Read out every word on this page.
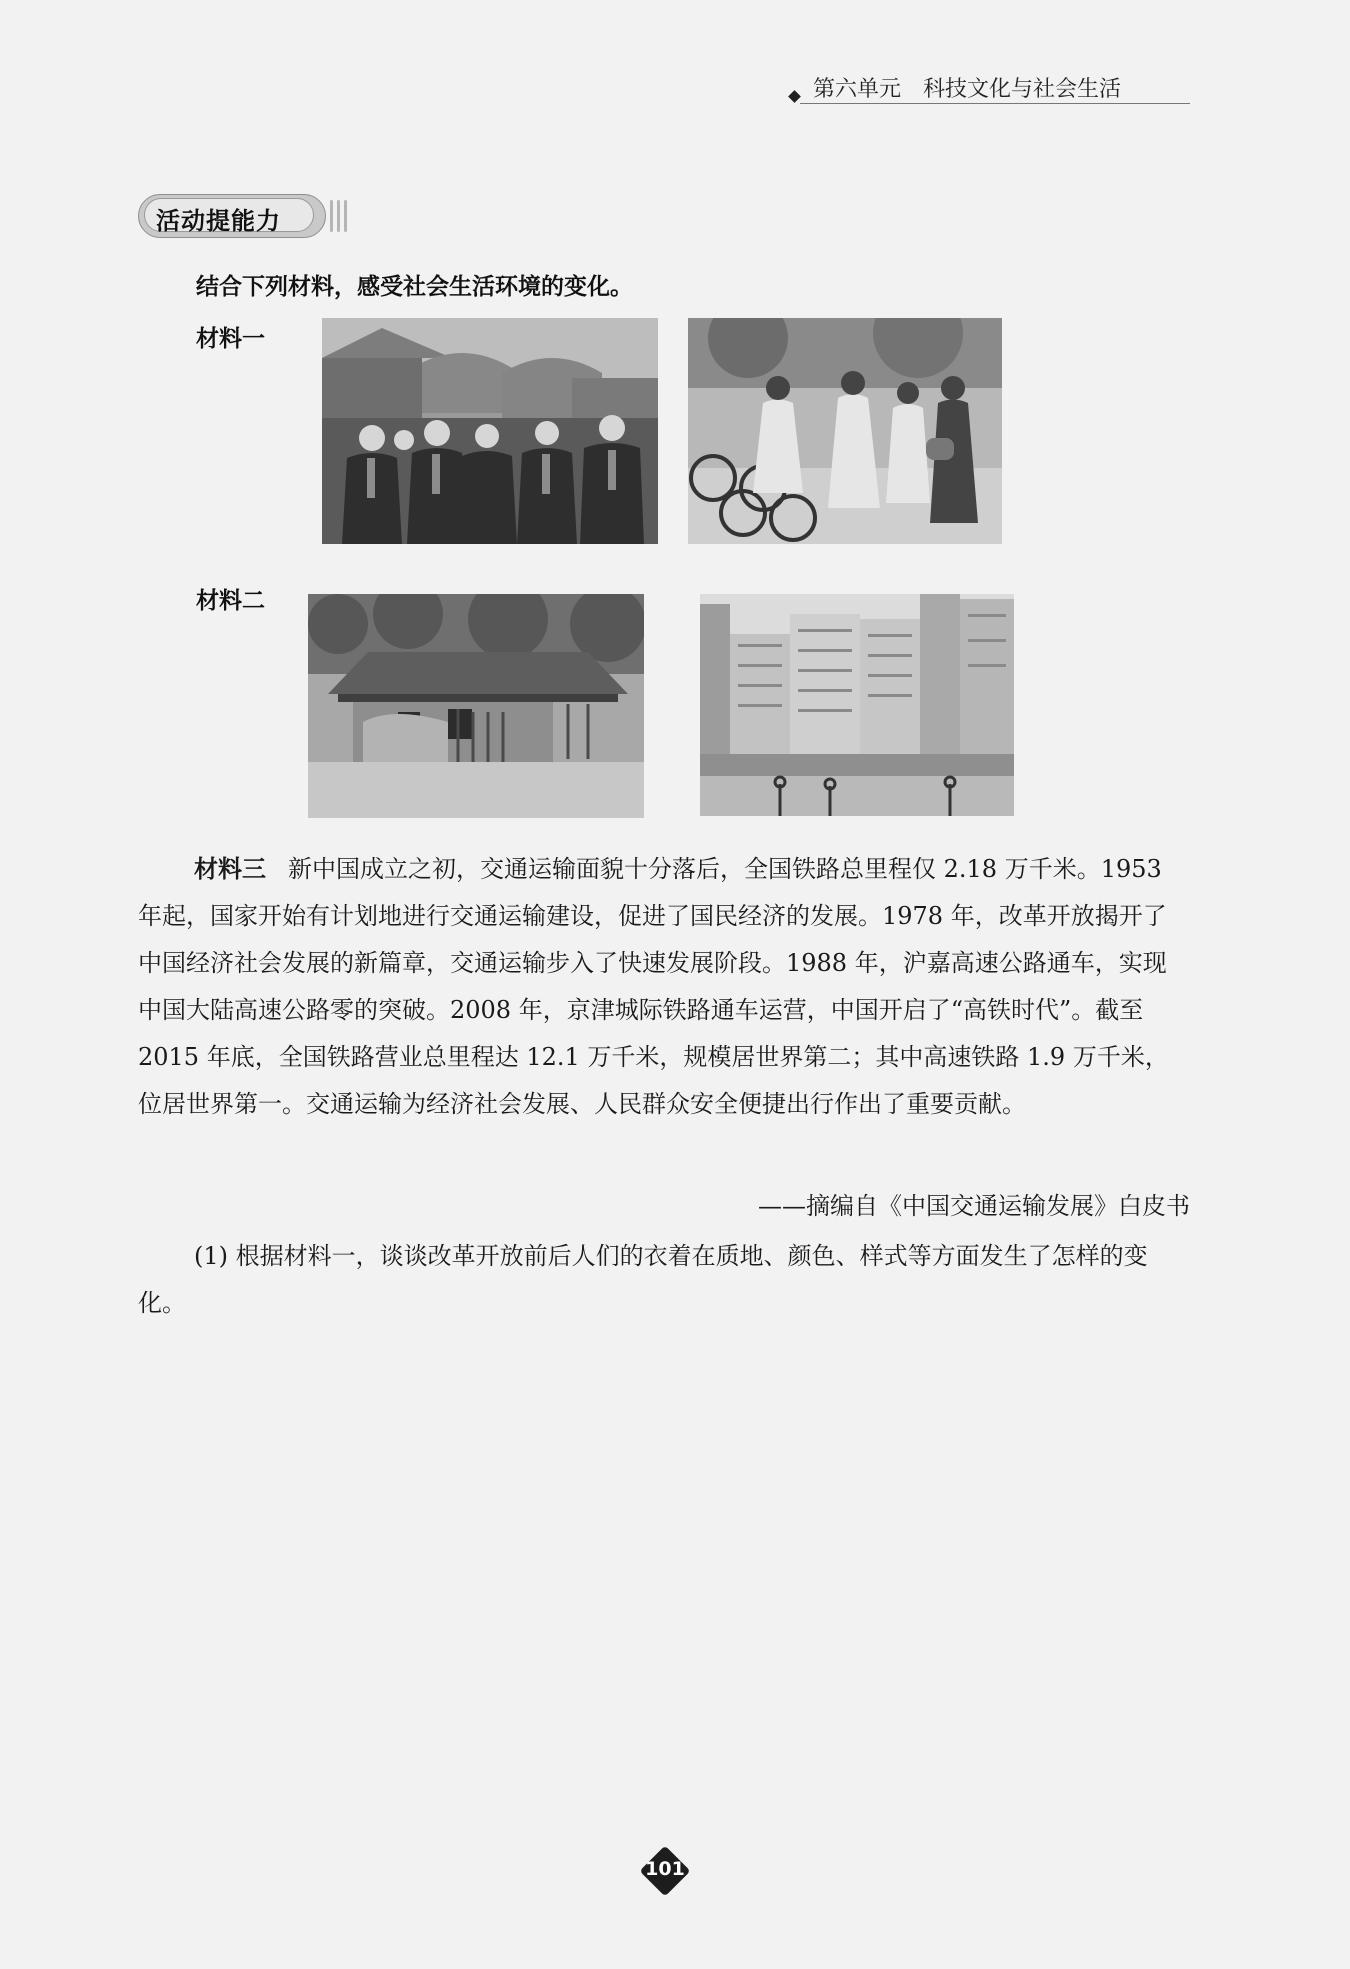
第六单元 科技文化与社会生活
活动提能力
结合下列材料，感受社会生活环境的变化。
材料一
材料二

材料三 新中国成立之初，交通运输面貌十分落后，全国铁路总里程仅 2.18 万千米。1953 年起，国家开始有计划地进行交通运输建设，促进了国民经济的发展。1978 年，改革开放揭开了中国经济社会发展的新篇章，交通运输步入了快速发展阶段。1988 年，沪嘉高速公路通车，实现中国大陆高速公路零的突破。2008 年，京津城际铁路通车运营，中国开启了“高铁时代”。截至 2015 年底，全国铁路营业总里程达 12.1 万千米，规模居世界第二；其中高速铁路 1.9 万千米，位居世界第一。交通运输为经济社会发展、人民群众安全便捷出行作出了重要贡献。

——摘编自《中国交通运输发展》白皮书

(1) 根据材料一，谈谈改革开放前后人们的衣着在质地、颜色、样式等方面发生了怎样的变化。

101
